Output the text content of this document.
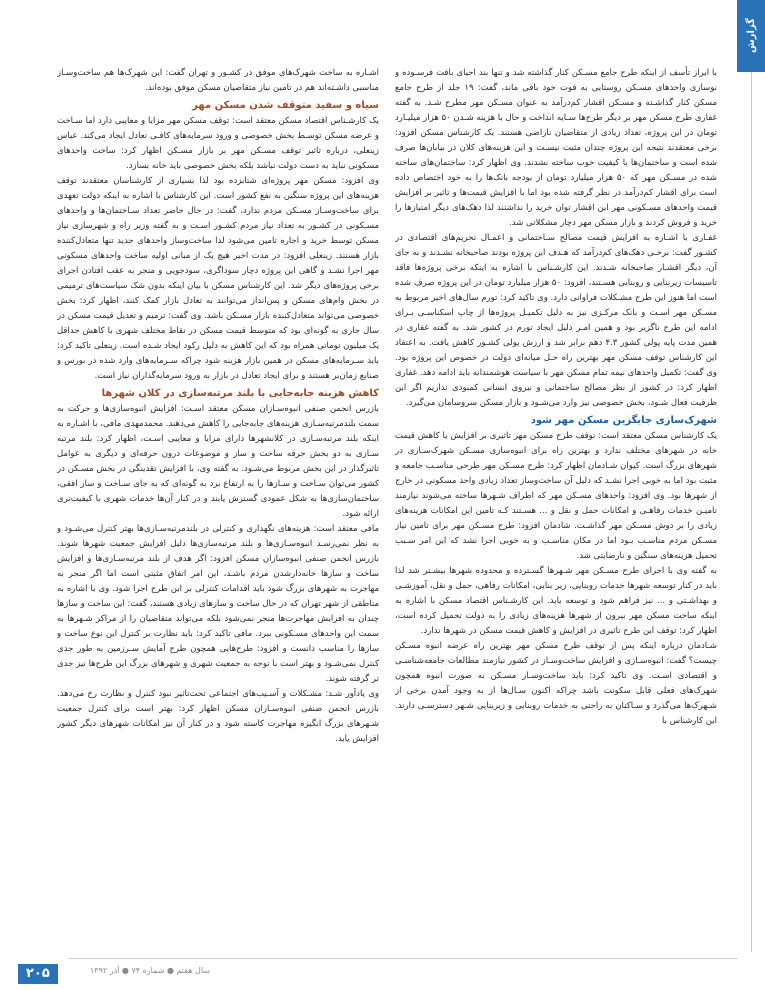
گزارش

با ابراز تأسف از اینکه طرح جامع مسـکن کنار گذاشته شد و تنها بند احیای بافت فرسـوده و نوسازی واحدهای مسـکن روستایی به قوت خود باقی ماند، گفت: ۱۹ جلد از طرح جامع مسکن کنار گذاشـته و مسـکن اقشار کم‌درآمد به عنوان مسـکن مهر مطرح شـد. به گفته غفاری طرح مسکن مهر بر دیگر طرح‌ها سـایه انداخت و حال با هزینه شـدن ۵۰ هزار میلیـارد تومان در این پروژه، تعداد زیادی از متقاضیان ناراضی هستند. یک کارشناس مسکن افزود: برخی معتقدند نتیجه این پروژه چندان مثبت نیسـت و این هزینه‌های کلان در بیابان‌ها صرف شده است و ساختمان‌ها با کیفیت خوب ساخته نشدند. وی اظهار کرد: ساختمان‌های ساخته شده در مسـکن مهر که ۵۰ هزار میلیارد تومان از بودجه بانک‌ها را به خود اختصاص داده است برای اقشار کم‌درآمد در نظر گرفته شده بود اما با افزایش قیمت‌ها و تاثیر بر افزایش قیمت واحدهای مسـکونی مهر این اقشار توان خرید را نداشتند لذا دهک‌های دیگر امتیازها را خرید و فروش کردند و بازار مسکن مهر دچار مشکلاتی شد.

غفـاری با اشـاره به افزایش قیمت مصالح سـاختمانی و اعمـال تحریم‌های اقتصادی در کشـور گفت: برخـی دهک‌های کم‌درآمد که هـدف این پروژه بودند صاحبخانه نشـدند و به جای آن، دیگر اقشـار صاحبخانه شـدند. این کارشـناس با اشاره به اینکه برخی پروژه‌ها فاقد تاسیسات زیربنایی و روبنایی هسـتند، افزود: ۵۰ هزار میلیارد تومان در این پروژه صرف شده است اما هنوز این طرح مشـکلات فراوانی دارد. وی تاکید کرد: تورم سال‌های اخیر مربوط به مسـکن مهر اسـت و بانک مرکـزی نیز به دلیل تکمیـل پروژه‌ها از چاپ اسکناسـی بـرای ادامه این طرح ناگزیر بود و همین امـر دلیل ایجاد تورم در کشور شد. به گفته غفاری در همین مدت پایه پولی کشور ۴.۳ دهم برابر شد و ارزش پولی کشـور کاهش یافت. به اعتقاد این کارشناس توقف مسکن مهر بهترین راه حـل میانه‌ای دولت در خصوص این پروژه بود. وی گفت: تکمیل واحدهای نیمه تمام مسکن مهر با سیاست هوشمندانه باید ادامه دهد. غفاری اظهار کرد: در کشور از نظر مصالح ساختمانی و نیروی انسانی کمبودی نداریم اگر این ظرفیت فعال شـود، بخش خصوصی نیز وارد می‌شـود و بازار مسکن سروسامان می‌گیرد.

شهرک‌سازی جایگزین مسکن مهر شود

یک کارشناس مسکن معتقد است: توقف طرح مسکن مهر تاثیری بر افزایش یا کاهش قیمت خانه در شهرهای مختلف ندارد و بهترین راه برای انبوه‌سازی مسـکن شهرک‌سـازی در شهرهای بزرگ است. کیوان شـادمان اظهار کرد: طرح مسـکن مهر طرحی مناسـب جامعه و مثبت بود اما به خوبی اجرا نشـد که دلیل آن ساخت‌وساز تعداد زیادی واحد مسکونی در خارج از شهرها بود. وی افزود: واحدهای مسـکن مهر که اطراف شـهرها ساخته می‌شوند نیازمند تامیـن خدمات رفاهـی و امکانات حمل و نقل و ... هسـتند کـه تامین این امکانات هزینه‌های زیادی را بر دوش مسـکن مهر گذاشـت. شادمان افزود: طرح مسـکن مهر برای تامین نیاز مسـکن مردم مناسـب بـود اما در مکان مناسـب و به خوبی اجرا نشد که این امر سـبب تحمیل هزینه‌های سنگین و نارضایتی شد.

به گفته وی با اجرای طرح مسـکن مهر شـهرها گسـترده و محدوده شهرها بیشـتر شد لذا باید در کنار توسعه شهرها خدمات روبنایی، زیر بنایی، امکانات رفاهی، حمل و نقل، آموزشـی و بهداشـتی و ... نیز فراهم شود و توسعه یابد. این کارشـناس اقتصاد مسکن با اشاره به اینکه ساخت مسکن مهر بیرون از شهرها هزینه‌های زیادی را به دولت تحمیل کرده است، اظهار کرد: توقف این طرح تاثیری در افزایش و کاهش قیمت مسکن در شهرها ندارد.

شـادمان درباره اینکه پس از توقف طرح مسکن مهر بهترین راه عرضه انبوه مسـکن چیست؟ گفت: انبوه‌سـازی و افزایش ساخت‌وسـاز در کشور نیازمند مطالعات جامعه‌شناسـی و اقتصادی اسـت. وی تاکید کرد: باید ساخت‌وسـاز مسـکن به صورت انبوه همچون شهرک‌های فعلی قابل سکونت باشد چراکه اکنون سـال‌ها از به وجود آمدن برخی از شـهرک‌ها می‌گذرد و سـاکنان به راحتی به خدمات روبنایی و زیربنایی شـهر دسترسـی دارند. این کارشناس با

اشـاره به ساخت شهرک‌های موفق در کشـور و تهران گفت: این شهرک‌ها هم ساخت‌وسـاز مناسبی داشـته‌اند هم در تامین نیاز متقاضیان مسکن موفق بوده‌اند.

سیاه و سفید متوقف شدن مسکن مهر

یک کارشـناس اقتصاد مسکن معتقد است: توقف مسکن مهر مزایا و معایبی دارد اما سـاخت و عرضه مسکن توسـط بخش خصوصی و ورود سرمایه‌های کافـی تعادل ایجاد می‌کند. عباس زینعلی، درباره تاثیر توقف مسـکن مهر بر بازار مسـکن اظهار کرد: ساخت واحدهای مسکونی نباید به دست دولت نباشد بلکه بخش خصوصی باید خانه بسازد.

وی افزود: مسکن مهر پروژه‌ای شتابزده بود لذا بسیاری از کارشناسان معتقدند توقف هزینه‌های این پروژه سنگین به نفع کشور است. این کارشناس با اشاره به اینکه دولت تعهدی برای ساخت‌وسـاز مسـکن مردم ندارد، گفت: در حال حاضر تعداد سـاختمان‌ها و واحدهای مسـکونی در کشـور به تعداد نیاز مردم کشـور اسـت و به گفته وزیر راه و شهرسازی نیاز مسکن توسط خرید و اجاره تامین می‌شود لذا ساخت‌وساز واحدهای جدید تنها متعادل‌کننده بازار هستند. زینعلی افزود: در مدت اخیر هیچ یک از مبانی اولیه ساخت واحدهای مسکونی مهر اجرا نشـد و گاهی این پروژه دچار سوداگری، سودجویی و منجر به عقب افتادن اجرای برخی پروژه‌های دیگر شد. این کارشناس مسکن با بیان اینکه بدون شک سیاست‌های ترمیمی در بخش وام‌های مسکن و پس‌انداز می‌توانند به تعادل بازار کمک کنند، اظهار کرد: بخش خصوصی می‌تواند متعادل‌کننده بازار مسـکن باشد. وی گفت: ترمیم و تعدیل قیمت مسکن در سال جاری به گونه‌ای بود که متوسط قیمت مسکن در نقاط مختلف شهری با کاهش حداقل یک میلیون تومانی همراه بود که این کاهش به دلیل رکود ایجاد شـده است. زینعلی تاکید کرد: باید سـرمایه‌های مسکن در همین بازار هزینه شود چراکه سـرمایه‌های وارد شده در بورس و صنایع زمان‌بر هستند و برای ایجاد تعادل در بازار به ورود سرمایه‌گذاران نیاز است.

کاهش هزینه جابه‌جایی با بلند مرتبه‌سازی در کلان شهرها

بازرس انجمن صنفی انبوه‌سـازان مسکن معتقد اسـت: افزایش انبوه‌سازی‌ها و حرکت به سمت بلندمرتبه‌سـازی هزینه‌های جابه‌جایی را کاهش می‌دهند. محمدمهدی مافی، با اشـاره به اینکه بلند مرتبه‌سـازی در کلانشهرها دارای مزایا و معایبی اسـت، اظهار کرد: بلند مرتبه سـازی به دو بخش حرفه ساخت و ساز و موضوعات درون حرفه‌ای و دیگری به عوامل تاثیرگذار در این بخش مربوط می‌شـود. به گفته وی، با افزایش تقدینگی در بخش مسـکن در کشور می‌توان سـاخت و سـازها را به ارتفاع برد به گونه‌ای که به جای سـاخت و ساز افقی، ساختمان‌سازی‌ها به شکل عمودی گسترش یابند و در کنار آن‌ها خدمات شهری با کیفیت‌تری ارائه شود.

مافی معتقد است: هزینه‌های نگهداری و کنترلی در بلندمرتبه‌سـازی‌ها بهتر کنترل می‌شـود و به نظر نمی‌رسـد انبوه‌سـازی‌ها و بلند مرتبه‌سازی‌ها دلیل افزایش جمعیت شهرها شوند. بازرس انجمن صنفی انبوه‌سازان مسکن افزود: اگر هدف از بلند مرتبه‌سـازی‌ها و افزایش ساخت و سازها خانه‌دارشدن مردم باشـد، این امر اتفاق مثبتی است اما اگر منجر به مهاجرت به شهرهای بزرگ شود باید اقدامات کنترلی بر این طرح اجرا شود. وی با اشاره به مناطقی از شهر تهران که در حال ساخت و سازهای زیادی هستند، گفت: این ساخت و سازها چندان به افزایش مهاجرت‌ها منجر نمی‌شود بلکه می‌تواند متقاضیان را از مراکز شـهرها به سمت این واحدهای مسـکونی ببرد. مافی تاکید کرد: باید نظارت بر کنترل این نوع ساخت و سازها را مناسب دانست و افزود: طرح‌هایی همچون طرح آمایش سـرزمین به طور جدی کنترل نمی‌شـود و بهتر است با توجه به جمعیت شهری و شهرهای بزرگ این طرح‌ها نیز جدی تر گرفته شوند.

وی یادآور شـد: مشـکلات و آسـیب‌های اجتماعی تحت‌تاثیر نبود کنترل و نظارت رخ می‌دهد. بازرس انجمن صنفی انبوه‌سـازان مسکن اظهار کرد: بهتر است برای کنترل جمعیت شـهرهای بزرگ انگیزه مهاجرت کاسته شود و در کنار آن نیز امکانات شهرهای دیگر کشور افزایش یابد.

سال هفتم ● شماره ۷۴ ● آذر ۱۳۹۲
۲۰۵
